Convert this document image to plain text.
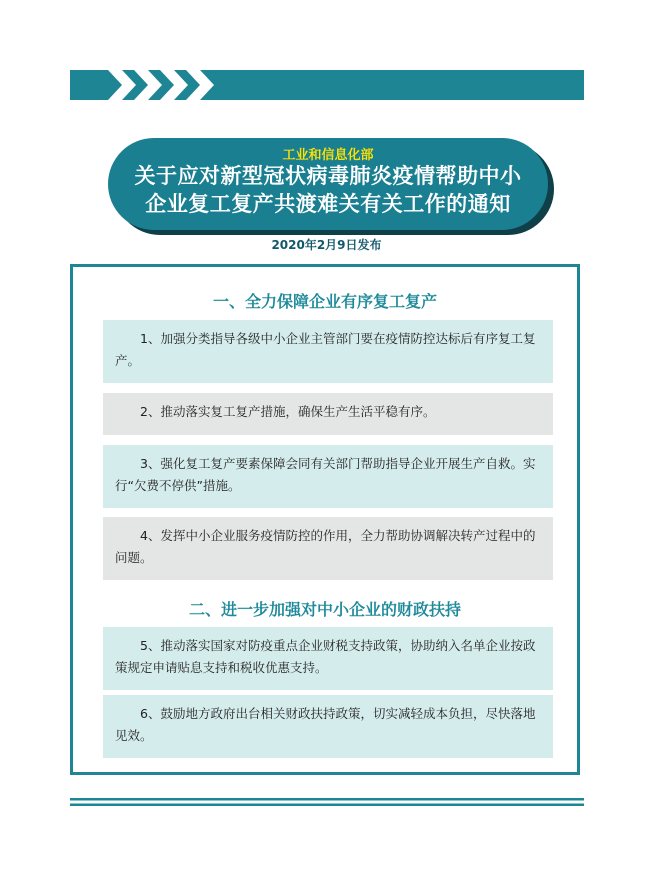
工业和信息化部
关于应对新型冠状病毒肺炎疫情帮助中小
企业复工复产共渡难关有关工作的通知
2020年2月9日发布
一、全力保障企业有序复工复产
1、加强分类指导各级中小企业主管部门要在疫情防控达标后有序复工复产。
2、推动落实复工复产措施，确保生产生活平稳有序。
3、强化复工复产要素保障会同有关部门帮助指导企业开展生产自救。实行“欠费不停供”措施。
4、发挥中小企业服务疫情防控的作用，全力帮助协调解决转产过程中的问题。
二、进一步加强对中小企业的财政扶持
5、推动落实国家对防疫重点企业财税支持政策，协助纳入名单企业按政策规定申请贴息支持和税收优惠支持。
6、鼓励地方政府出台相关财政扶持政策，切实减轻成本负担，尽快落地见效。
